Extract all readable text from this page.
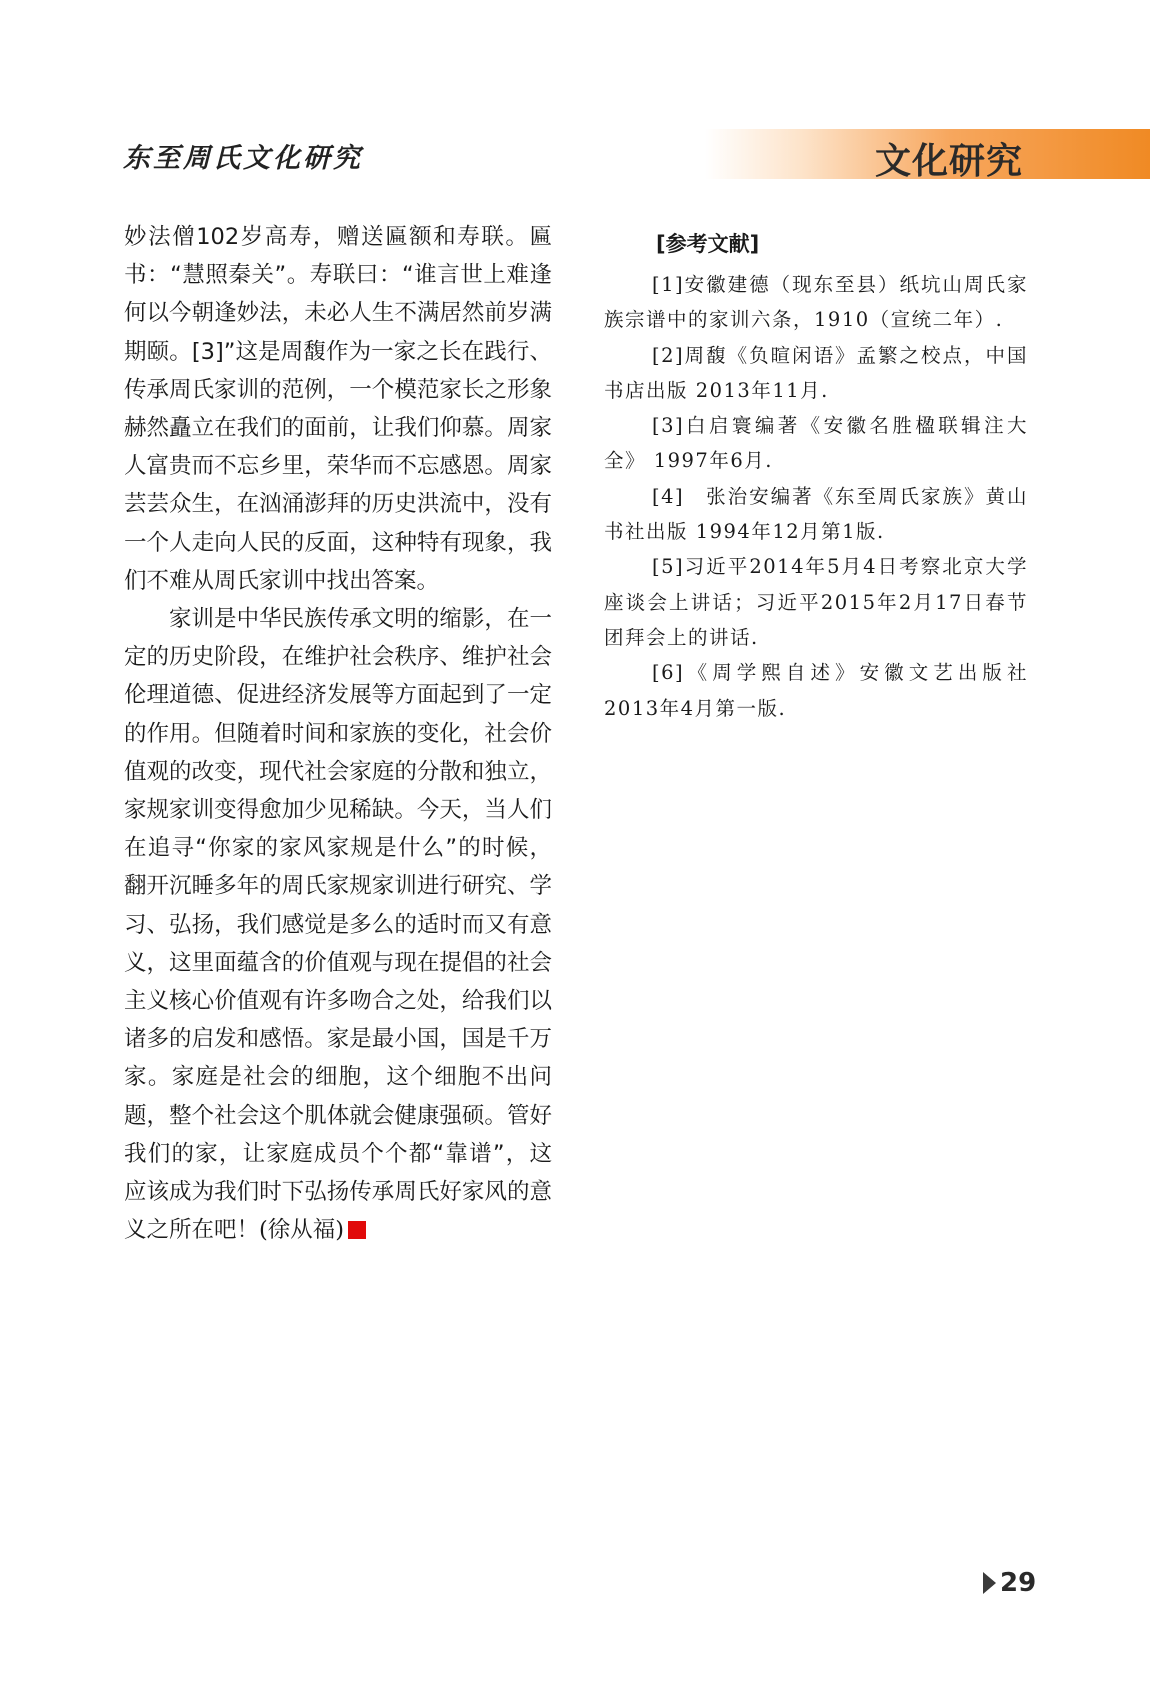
东至周氏文化研究	文化研究

妙法僧102岁高寿，赠送匾额和寿联。匾书：“慧照秦关”。寿联曰：“谁言世上难逢何以今朝逢妙法，未必人生不满居然前岁满期颐。[3]”这是周馥作为一家之长在践行、传承周氏家训的范例，一个模范家长之形象赫然矗立在我们的面前，让我们仰慕。周家人富贵而不忘乡里，荣华而不忘感恩。周家芸芸众生，在汹涌澎拜的历史洪流中，没有一个人走向人民的反面，这种特有现象，我们不难从周氏家训中找出答案。

家训是中华民族传承文明的缩影，在一定的历史阶段，在维护社会秩序、维护社会伦理道德、促进经济发展等方面起到了一定的作用。但随着时间和家族的变化，社会价值观的改变，现代社会家庭的分散和独立，家规家训变得愈加少见稀缺。今天，当人们在追寻“你家的家风家规是什么”的时候，翻开沉睡多年的周氏家规家训进行研究、学习、弘扬，我们感觉是多么的适时而又有意义，这里面蕴含的价值观与现在提倡的社会主义核心价值观有许多吻合之处，给我们以诸多的启发和感悟。家是最小国，国是千万家。家庭是社会的细胞，这个细胞不出问题，整个社会这个肌体就会健康强硕。管好我们的家，让家庭成员个个都“靠谱”，这应该成为我们时下弘扬传承周氏好家风的意义之所在吧！(徐从福)

[参考文献]

[1]安徽建德（现东至县）纸坑山周氏家族宗谱中的家训六条，1910（宣统二年）.

[2]周馥《负暄闲语》孟繁之校点，中国书店出版 2013年11月.

[3]白启寰编著《安徽名胜楹联辑注大全》 1997年6月.

[4]　张治安编著《东至周氏家族》黄山书社出版 1994年12月第1版.

[5]习近平2014年5月4日考察北京大学座谈会上讲话；习近平2015年2月17日春节团拜会上的讲话.

[6]《周学熙自述》安徽文艺出版社 2013年4月第一版.

29
